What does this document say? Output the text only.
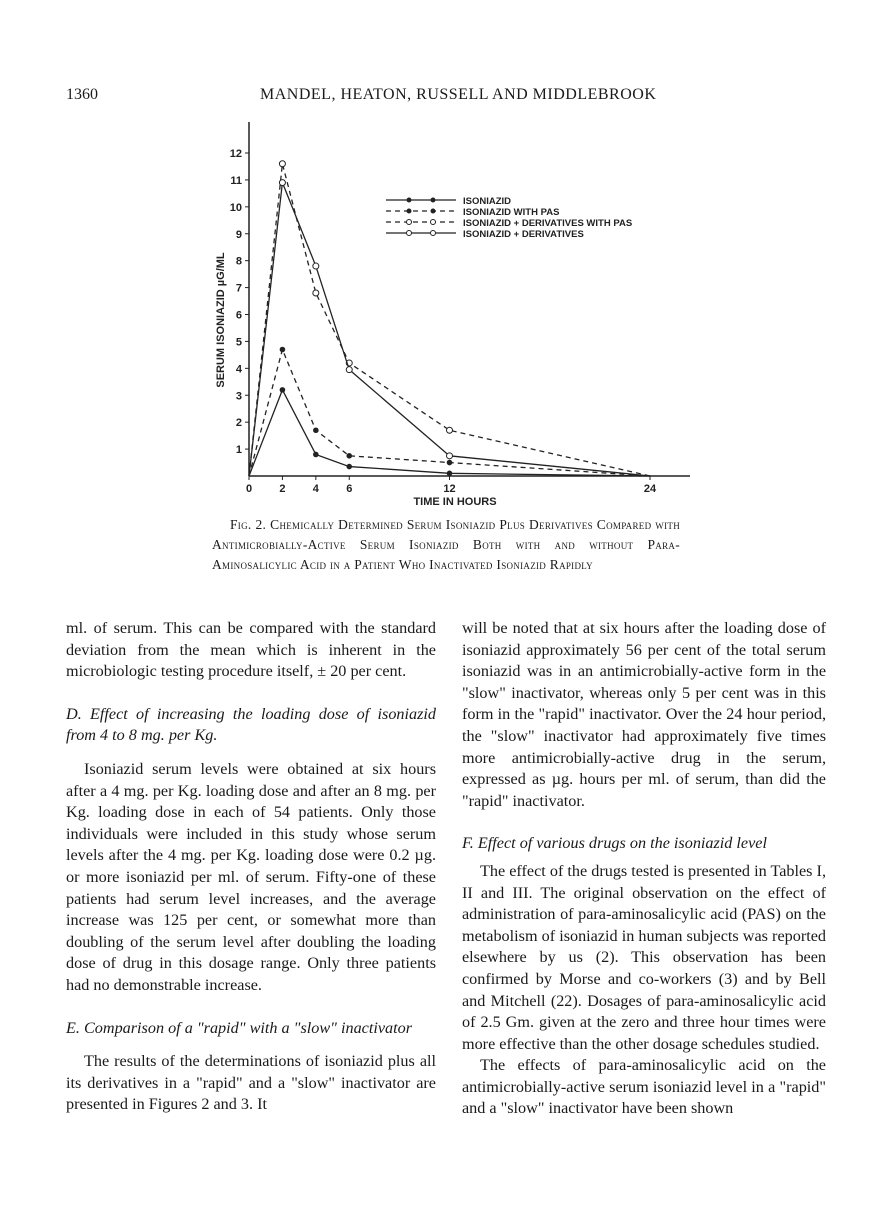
1360	MANDEL, HEATON, RUSSELL AND MIDDLEBROOK
1
2
3
4
5
6
7
8
9
10
11
12
0 2 4 6	12	24
TIME IN HOURS
SERUM ISONIAZID µG/ML
ISONIAZID
ISONIAZID WITH PAS
ISONIAZID + DERIVATIVES WITH PAS
ISONIAZID + DERIVATIVES
Fig. 2. Chemically Determined Serum Isoniazid Plus Derivatives Compared with Antimicrobially-Active Serum Isoniazid Both with and without Para-Aminosalicylic Acid in a Patient Who Inactivated Isoniazid Rapidly

ml. of serum. This can be compared with the standard deviation from the mean which is inherent in the microbiologic testing procedure itself, ± 20 per cent.

D. Effect of increasing the loading dose of isoniazid from 4 to 8 mg. per Kg.

Isoniazid serum levels were obtained at six hours after a 4 mg. per Kg. loading dose and after an 8 mg. per Kg. loading dose in each of 54 patients. Only those individuals were included in this study whose serum levels after the 4 mg. per Kg. loading dose were 0.2 µg. or more isoniazid per ml. of serum. Fifty-one of these patients had serum level increases, and the average increase was 125 per cent, or somewhat more than doubling of the serum level after doubling the loading dose of drug in this dosage range. Only three patients had no demonstrable increase.

E. Comparison of a "rapid" with a "slow" inactivator

The results of the determinations of isoniazid plus all its derivatives in a "rapid" and a "slow" inactivator are presented in Figures 2 and 3. It

will be noted that at six hours after the loading dose of isoniazid approximately 56 per cent of the total serum isoniazid was in an antimicrobially-active form in the "slow" inactivator, whereas only 5 per cent was in this form in the "rapid" inactivator. Over the 24 hour period, the "slow" inactivator had approximately five times more antimicrobially-active drug in the serum, expressed as µg. hours per ml. of serum, than did the "rapid" inactivator.

F. Effect of various drugs on the isoniazid level

The effect of the drugs tested is presented in Tables I, II and III. The original observation on the effect of administration of para-aminosalicylic acid (PAS) on the metabolism of isoniazid in human subjects was reported elsewhere by us (2). This observation has been confirmed by Morse and co-workers (3) and by Bell and Mitchell (22). Dosages of para-aminosalicylic acid of 2.5 Gm. given at the zero and three hour times were more effective than the other dosage schedules studied.

The effects of para-aminosalicylic acid on the antimicrobially-active serum isoniazid level in a "rapid" and a "slow" inactivator have been shown
